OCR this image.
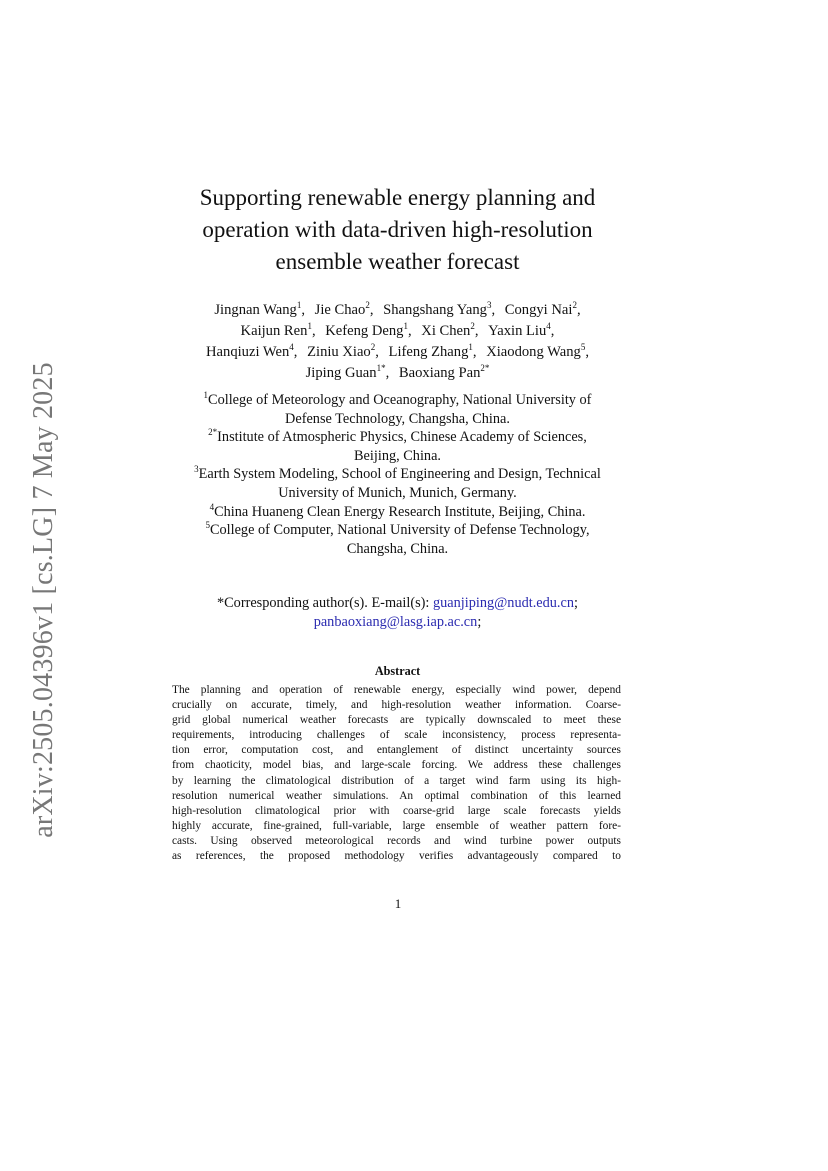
arXiv:2505.04396v1 [cs.LG] 7 May 2025
Supporting renewable energy planning and
operation with data-driven high-resolution
ensemble weather forecast
Jingnan Wang$^1$, Jie Chao$^2$, Shangshang Yang$^3$, Congyi Nai$^2$,
Kaijun Ren$^1$, Kefeng Deng$^1$, Xi Chen$^2$, Yaxin Liu$^4$,
Hanqiuzi Wen$^4$, Ziniu Xiao$^2$, Lifeng Zhang$^1$, Xiaodong Wang$^5$,
Jiping Guan$^{1*}$, Baoxiang Pan$^{2*}$

$^1$College of Meteorology and Oceanography, National University of
Defense Technology, Changsha, China.

$^{2*}$Institute of Atmospheric Physics, Chinese Academy of Sciences,
Beijing, China.

$^3$Earth System Modeling, School of Engineering and Design, Technical
University of Munich, Munich, Germany.

$^4$China Huaneng Clean Energy Research Institute, Beijing, China.

$^5$College of Computer, National University of Defense Technology,
Changsha, China.

*Corresponding author(s). E-mail(s): guanjiping@nudt.edu.cn;
panbaoxiang@lasg.iap.ac.cn;
Abstract
The planning and operation of renewable energy, especially wind power, depend
crucially on accurate, timely, and high-resolution weather information. Coarse-
grid global numerical weather forecasts are typically downscaled to meet these
requirements, introducing challenges of scale inconsistency, process representa-
tion error, computation cost, and entanglement of distinct uncertainty sources
from chaoticity, model bias, and large-scale forcing. We address these challenges
by learning the climatological distribution of a target wind farm using its high-
resolution numerical weather simulations. An optimal combination of this learned
high-resolution climatological prior with coarse-grid large scale forecasts yields
highly accurate, fine-grained, full-variable, large ensemble of weather pattern fore-
casts. Using observed meteorological records and wind turbine power outputs
as references, the proposed methodology verifies advantageously compared to
1
